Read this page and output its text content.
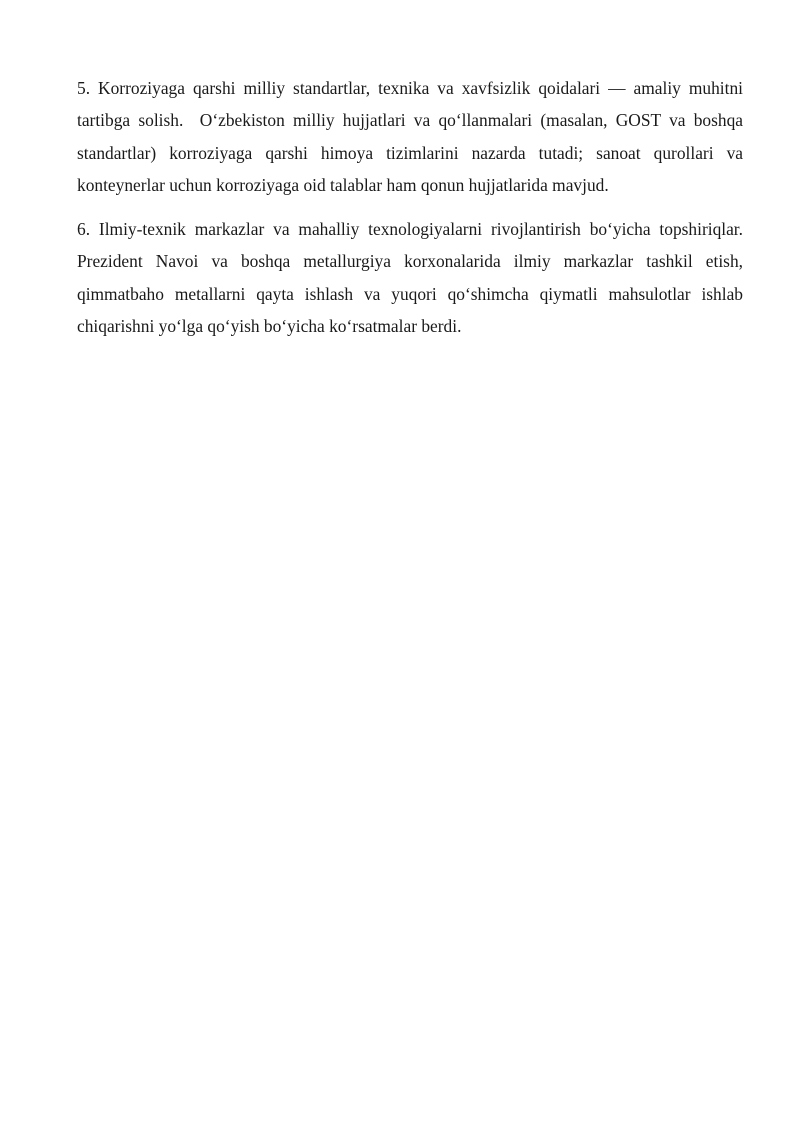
5. Korroziyaga qarshi milliy standartlar, texnika va xavfsizlik qoidalari — amaliy muhitni tartibga solish.  O‘zbekiston milliy hujjatlari va qo‘llanmalari (masalan, GOST va boshqa standartlar) korroziyaga qarshi himoya tizimlarini nazarda tutadi; sanoat qurollari va konteynerlar uchun korroziyaga oid talablar ham qonun hujjatlarida mavjud.

6. Ilmiy-texnik markazlar va mahalliy texnologiyalarni rivojlantirish bo‘yicha topshiriqlar. Prezident Navoi va boshqa metallurgiya korxonalarida ilmiy markazlar tashkil etish, qimmatbaho metallarni qayta ishlash va yuqori qo‘shimcha qiymatli mahsulotlar ishlab chiqarishni yo‘lga qo‘yish bo‘yicha ko‘rsatmalar berdi.
